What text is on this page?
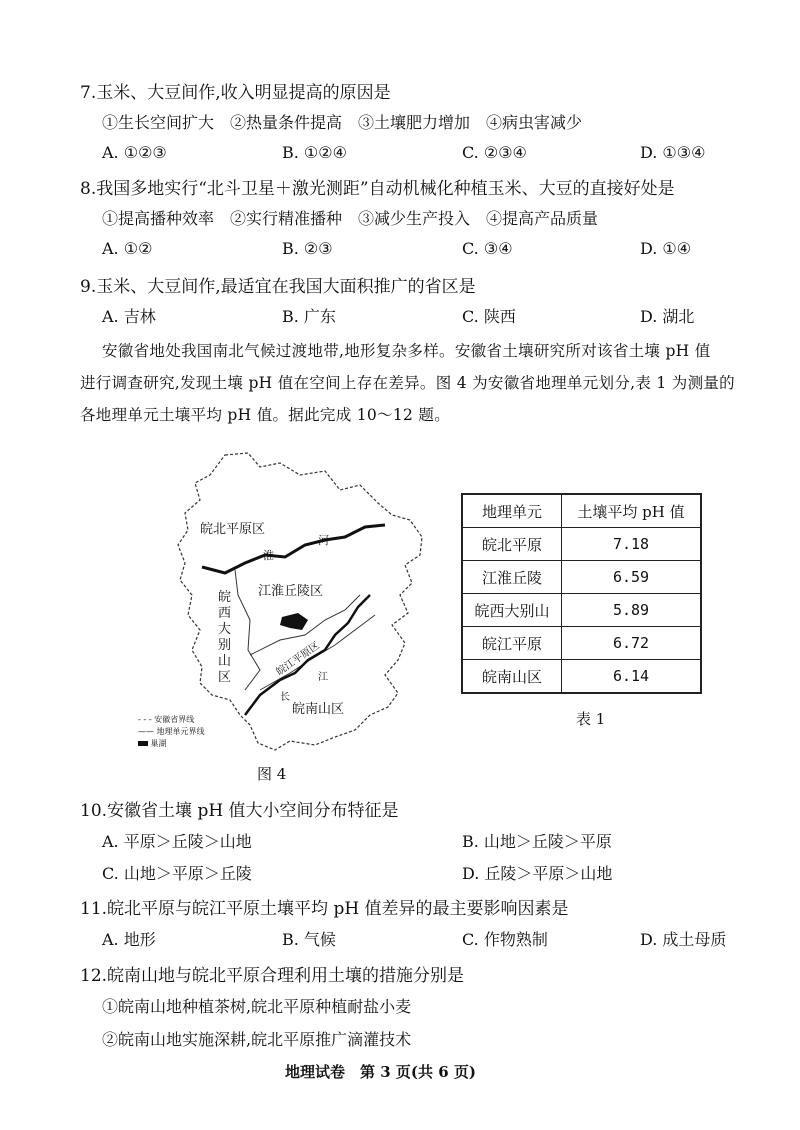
7.玉米、大豆间作,收入明显提高的原因是
①生长空间扩大　②热量条件提高　③土壤肥力增加　④病虫害减少
A. ①②③	B. ①②④	C. ②③④	D. ①③④
8.我国多地实行“北斗卫星＋激光测距”自动机械化种植玉米、大豆的直接好处是
①提高播种效率　②实行精准播种　③减少生产投入　④提高产品质量
A. ①②	B. ②③	C. ③④	D. ①④
9.玉米、大豆间作,最适宜在我国大面积推广的省区是
A. 吉林	B. 广东	C. 陕西	D. 湖北
安徽省地处我国南北气候过渡地带,地形复杂多样。安徽省土壤研究所对该省土壤 pH 值
进行调查研究,发现土壤 pH 值在空间上存在差异。图 4 为安徽省地理单元划分,表 1 为测量的
各地理单元土壤平均 pH 值。据此完成 10～12 题。
皖北平原区
江淮丘陵区
淮
河
皖
西
大
别
山
区	皖江平原区
长
江
皖南山区
- - - 安徽省界线
—— 地理单元界线
巢湖
图 4
地理单元	土壤平均 pH 值
皖北平原	7.18
江淮丘陵	6.59
皖西大别山	5.89
皖江平原	6.72
皖南山区	6.14
表 1
10.安徽省土壤 pH 值大小空间分布特征是
A. 平原＞丘陵＞山地	B. 山地＞丘陵＞平原
C. 山地＞平原＞丘陵	D. 丘陵＞平原＞山地
11.皖北平原与皖江平原土壤平均 pH 值差异的最主要影响因素是
A. 地形	B. 气候	C. 作物熟制	D. 成土母质
12.皖南山地与皖北平原合理利用土壤的措施分别是
①皖南山地种植茶树,皖北平原种植耐盐小麦
②皖南山地实施深耕,皖北平原推广滴灌技术
地理试卷　第 3 页(共 6 页)
